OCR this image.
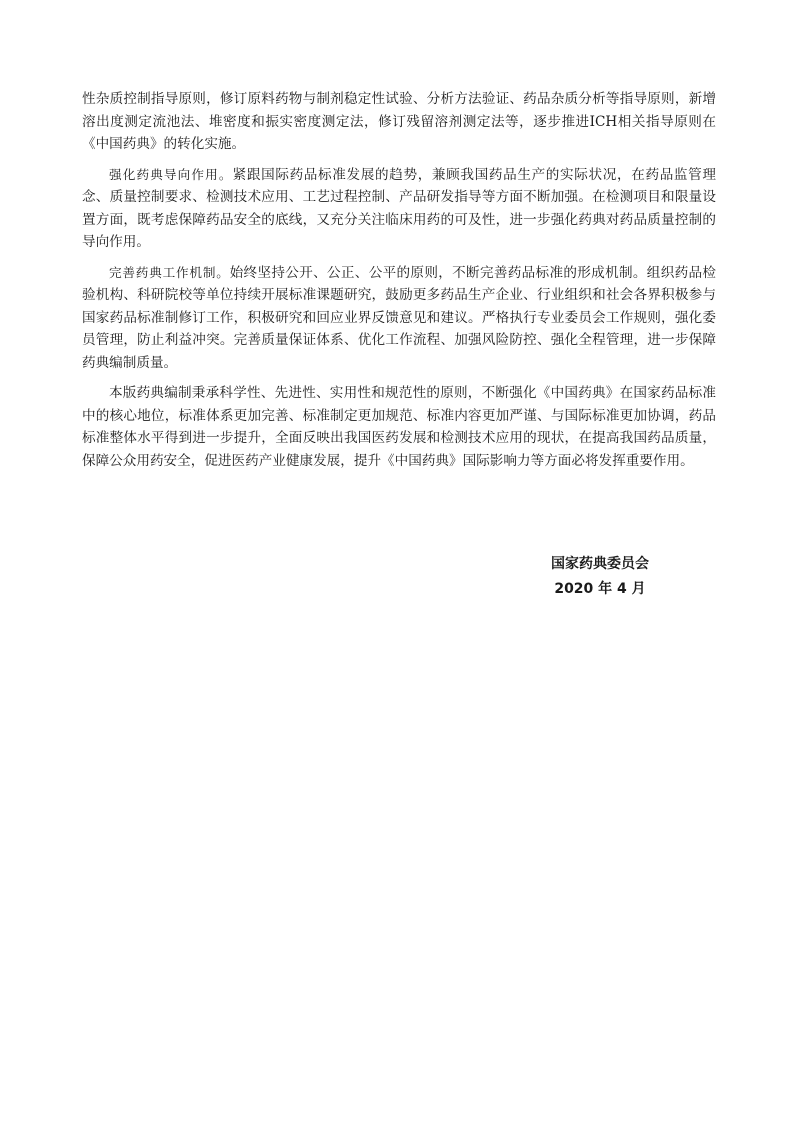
性杂质控制指导原则，修订原料药物与制剂稳定性试验、分析方法验证、药品杂质分析等指导原则，新增溶出度测定流池法、堆密度和振实密度测定法，修订残留溶剂测定法等，逐步推进ICH相关指导原则在《中国药典》的转化实施。

强化药典导向作用。紧跟国际药品标准发展的趋势，兼顾我国药品生产的实际状况，在药品监管理念、质量控制要求、检测技术应用、工艺过程控制、产品研发指导等方面不断加强。在检测项目和限量设置方面，既考虑保障药品安全的底线，又充分关注临床用药的可及性，进一步强化药典对药品质量控制的导向作用。

完善药典工作机制。始终坚持公开、公正、公平的原则，不断完善药品标准的形成机制。组织药品检验机构、科研院校等单位持续开展标准课题研究，鼓励更多药品生产企业、行业组织和社会各界积极参与国家药品标准制修订工作，积极研究和回应业界反馈意见和建议。严格执行专业委员会工作规则，强化委员管理，防止利益冲突。完善质量保证体系、优化工作流程、加强风险防控、强化全程管理，进一步保障药典编制质量。

本版药典编制秉承科学性、先进性、实用性和规范性的原则，不断强化《中国药典》在国家药品标准中的核心地位，标准体系更加完善、标准制定更加规范、标准内容更加严谨、与国际标准更加协调，药品标准整体水平得到进一步提升，全面反映出我国医药发展和检测技术应用的现状，在提高我国药品质量，保障公众用药安全，促进医药产业健康发展，提升《中国药典》国际影响力等方面必将发挥重要作用。

国家药典委员会
2020 年 4 月
